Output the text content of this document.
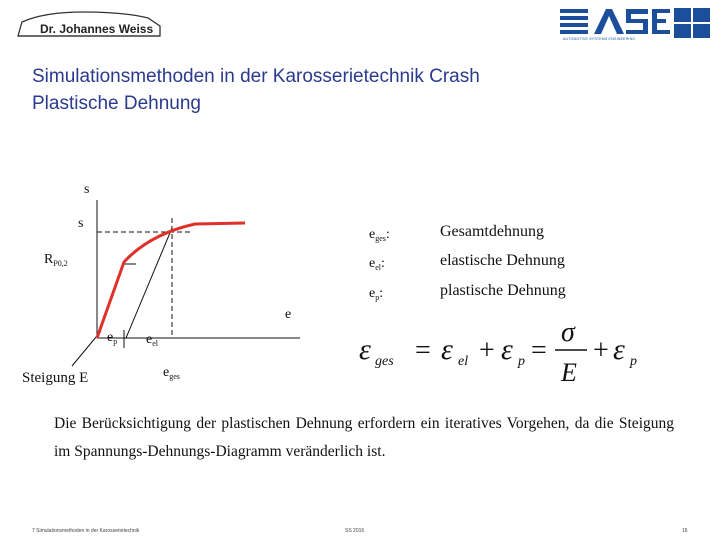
Dr. Johannes Weiss
AUTOMOTIVE SYSTEMS ENGINEERING
Simulationsmethoden in der Karosserietechnik Crash
Plastische Dehnung
s
s
$R_{P0,2}$
e
$e_p$ $e_{el}$
$e_{ges}$
Steigung E
$e_{ges}$:	Gesamtdehnung
$e_{el}$:	elastische Dehnung
$e_p$:	plastische Dehnung
ε ges = ε el + ε p =
σ
E
+ ε p
Die Berücksichtigung der plastischen Dehnung erfordern ein iteratives Vorgehen, da die Steigung im Spannungs-Dehnungs-Diagramm veränderlich ist.
7 Simulationsmethoden in der Karosserietechnik	SS 2016	16
